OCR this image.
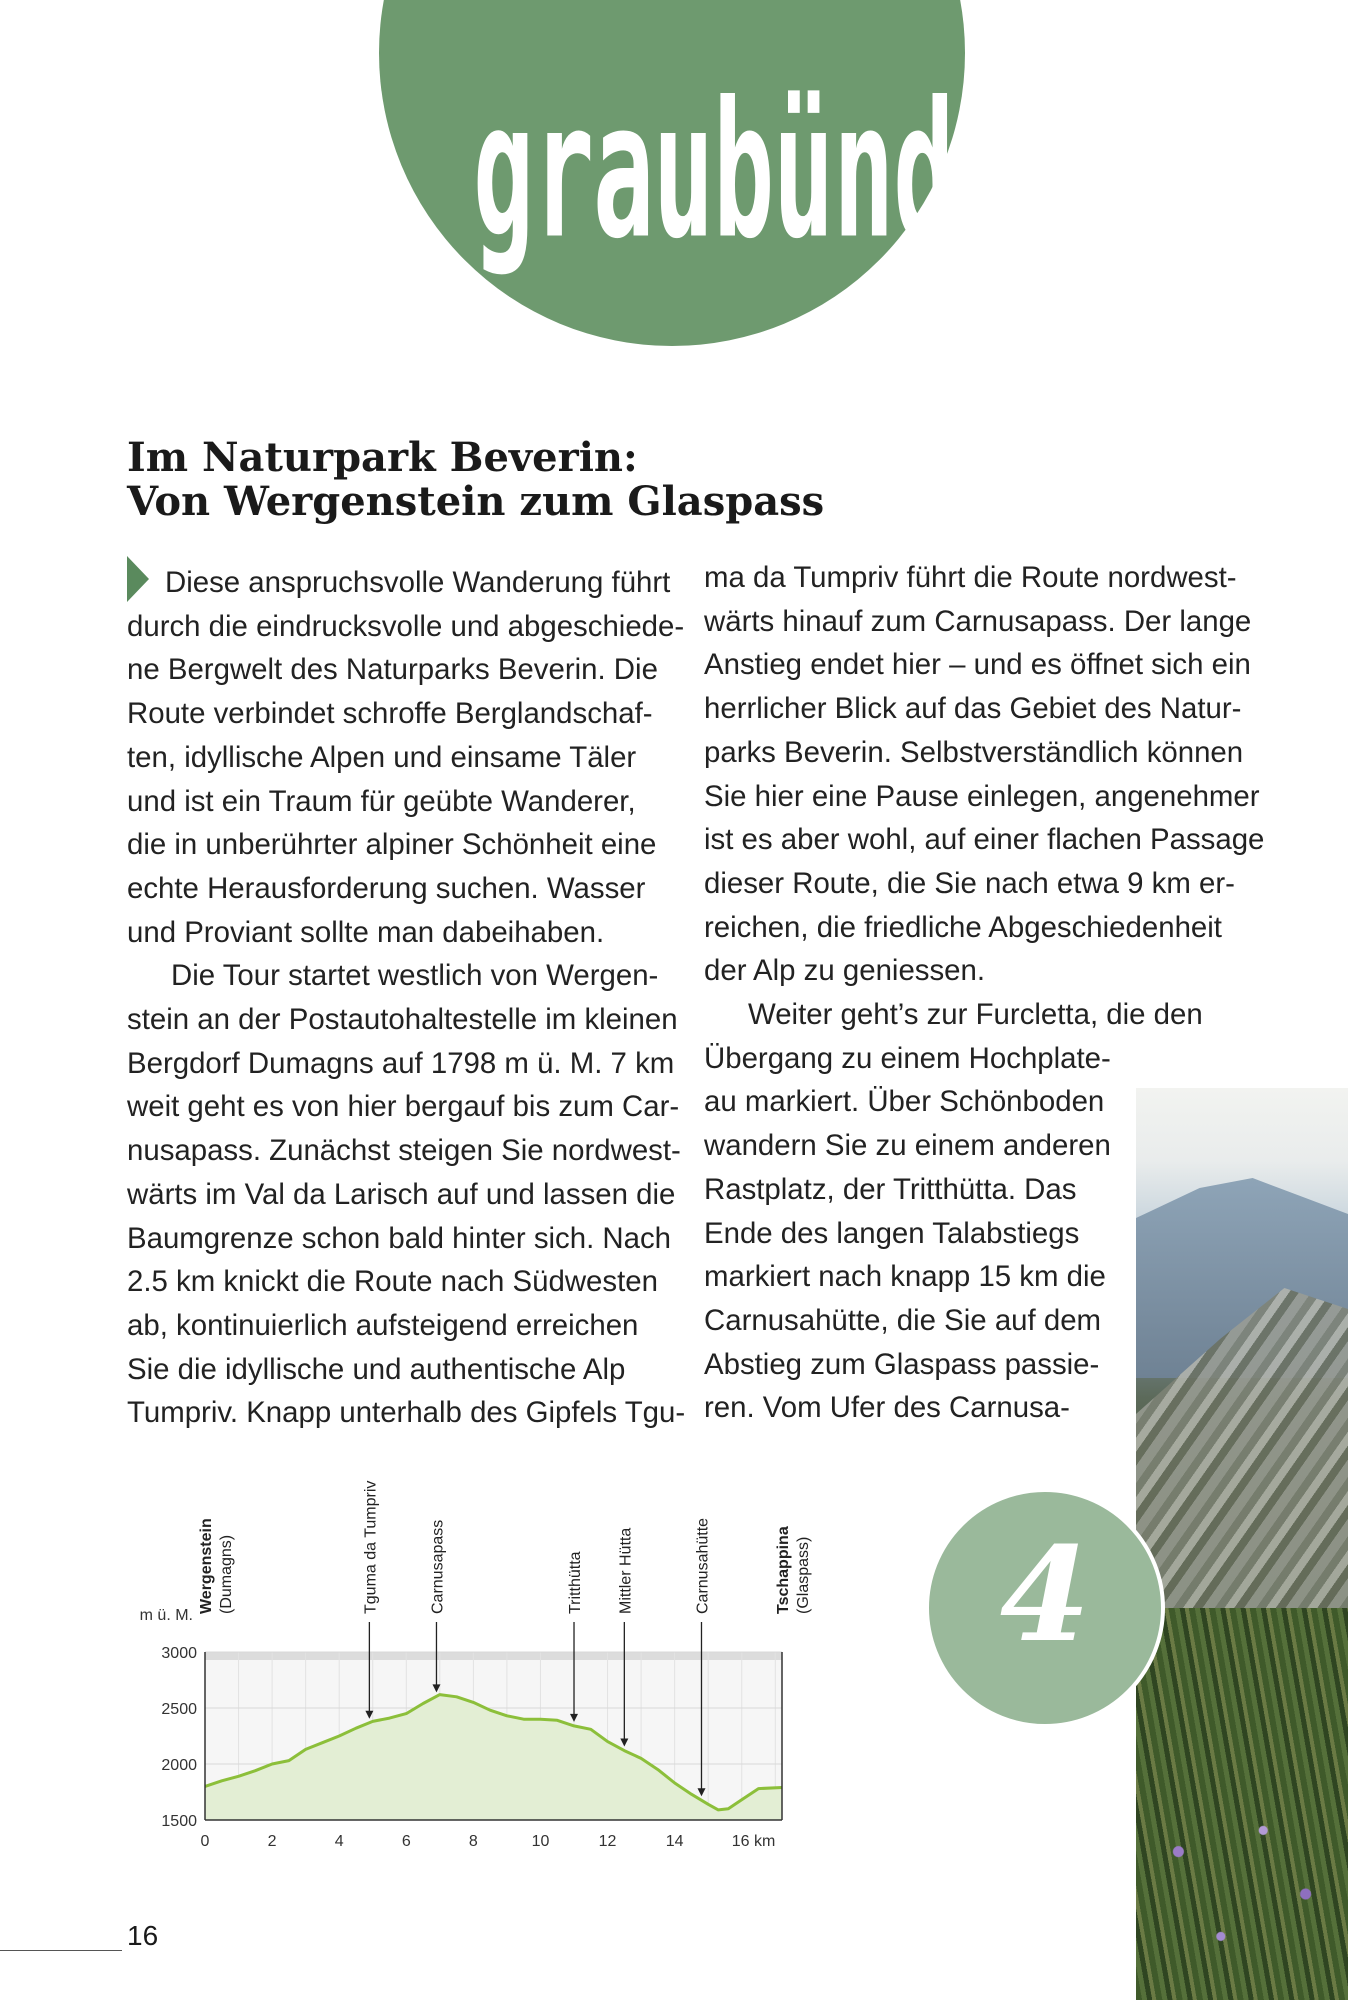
graubünden
Im Naturpark Beverin:
Von Wergenstein zum Glaspass
Diese anspruchsvolle Wanderung führt
durch die eindrucksvolle und abgeschiede-
ne Bergwelt des Naturparks Beverin. Die
Route verbindet schroffe Berglandschaf-
ten, idyllische Alpen und einsame Täler
und ist ein Traum für geübte Wanderer,
die in unberührter alpiner Schönheit eine
echte Herausforderung suchen. Wasser
und Proviant sollte man dabeihaben.
Die Tour startet westlich von Wergen-
stein an der Postautohaltestelle im kleinen
Bergdorf Dumagns auf 1798 m ü. M. 7 km
weit geht es von hier bergauf bis zum Car-
nusapass. Zunächst steigen Sie nordwest-
wärts im Val da Larisch auf und lassen die
Baumgrenze schon bald hinter sich. Nach
2.5 km knickt die Route nach Südwesten
ab, kontinuierlich aufsteigend erreichen
Sie die idyllische und authentische Alp
Tumpriv. Knapp unterhalb des Gipfels Tgu-
ma da Tumpriv führt die Route nordwest-
wärts hinauf zum Carnusapass. Der lange
Anstieg endet hier – und es öffnet sich ein
herrlicher Blick auf das Gebiet des Natur-
parks Beverin. Selbstverständlich können
Sie hier eine Pause einlegen, angenehmer
ist es aber wohl, auf einer flachen Passage
dieser Route, die Sie nach etwa 9 km er-
reichen, die friedliche Abgeschiedenheit
der Alp zu geniessen.
Weiter geht’s zur Furcletta, die den
Übergang zu einem Hochplate-
au markiert. Über Schönboden
wandern Sie zu einem anderen
Rastplatz, der Tritthütta. Das
Ende des langen Talabstiegs
markiert nach knapp 15 km die
Carnusahütte, die Sie auf dem
Abstieg zum Glaspass passie-
ren. Vom Ufer des Carnusa-
4
3000
2500
2000
1500
0	2	4	6	8	10	12	14	16 km
m ü. M.
Wergenstein (Dumagns)	Tguma da Tumpriv	Carnusapass	Tritthütta Mittler Hütta	Carnusahütte	Tschappina (Glaspass)
16
